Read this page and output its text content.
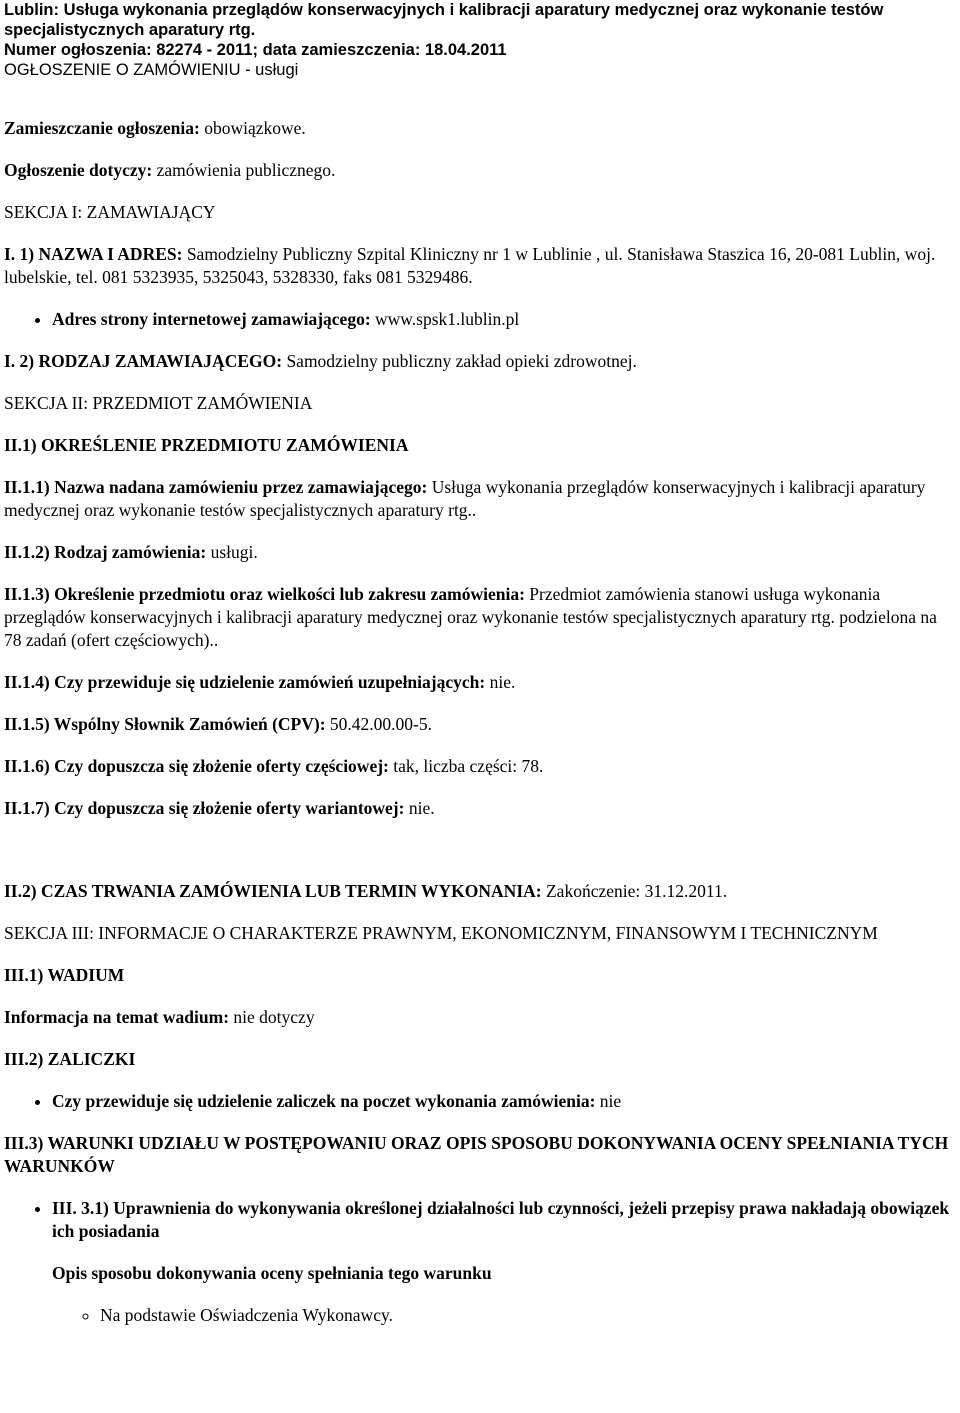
Lublin: Usługa wykonania przeglądów konserwacyjnych i kalibracji aparatury medycznej oraz wykonanie testów specjalistycznych aparatury rtg.
Numer ogłoszenia: 82274 - 2011; data zamieszczenia: 18.04.2011
OGŁOSZENIE O ZAMÓWIENIU - usługi

Zamieszczanie ogłoszenia: obowiązkowe.

Ogłoszenie dotyczy: zamówienia publicznego.

SEKCJA I: ZAMAWIAJĄCY

I. 1) NAZWA I ADRES: Samodzielny Publiczny Szpital Kliniczny nr 1 w Lublinie , ul. Stanisława Staszica 16, 20-081 Lublin, woj. lubelskie, tel. 081 5323935, 5325043, 5328330, faks 081 5329486.

• Adres strony internetowej zamawiającego: www.spsk1.lublin.pl

I. 2) RODZAJ ZAMAWIAJĄCEGO: Samodzielny publiczny zakład opieki zdrowotnej.

SEKCJA II: PRZEDMIOT ZAMÓWIENIA

II.1) OKREŚLENIE PRZEDMIOTU ZAMÓWIENIA

II.1.1) Nazwa nadana zamówieniu przez zamawiającego: Usługa wykonania przeglądów konserwacyjnych i kalibracji aparatury medycznej oraz wykonanie testów specjalistycznych aparatury rtg..

II.1.2) Rodzaj zamówienia: usługi.

II.1.3) Określenie przedmiotu oraz wielkości lub zakresu zamówienia: Przedmiot zamówienia stanowi usługa wykonania przeglądów konserwacyjnych i kalibracji aparatury medycznej oraz wykonanie testów specjalistycznych aparatury rtg. podzielona na 78 zadań (ofert częściowych)..

II.1.4) Czy przewiduje się udzielenie zamówień uzupełniających: nie.

II.1.5) Wspólny Słownik Zamówień (CPV): 50.42.00.00-5.

II.1.6) Czy dopuszcza się złożenie oferty częściowej: tak, liczba części: 78.

II.1.7) Czy dopuszcza się złożenie oferty wariantowej: nie.

II.2) CZAS TRWANIA ZAMÓWIENIA LUB TERMIN WYKONANIA: Zakończenie: 31.12.2011.

SEKCJA III: INFORMACJE O CHARAKTERZE PRAWNYM, EKONOMICZNYM, FINANSOWYM I TECHNICZNYM

III.1) WADIUM

Informacja na temat wadium: nie dotyczy

III.2) ZALICZKI

• Czy przewiduje się udzielenie zaliczek na poczet wykonania zamówienia: nie

III.3) WARUNKI UDZIAŁU W POSTĘPOWANIU ORAZ OPIS SPOSOBU DOKONYWANIA OCENY SPEŁNIANIA TYCH WARUNKÓW

• III. 3.1) Uprawnienia do wykonywania określonej działalności lub czynności, jeżeli przepisy prawa nakładają obowiązek ich posiadania
Opis sposobu dokonywania oceny spełniania tego warunku
◦ Na podstawie Oświadczenia Wykonawcy.
